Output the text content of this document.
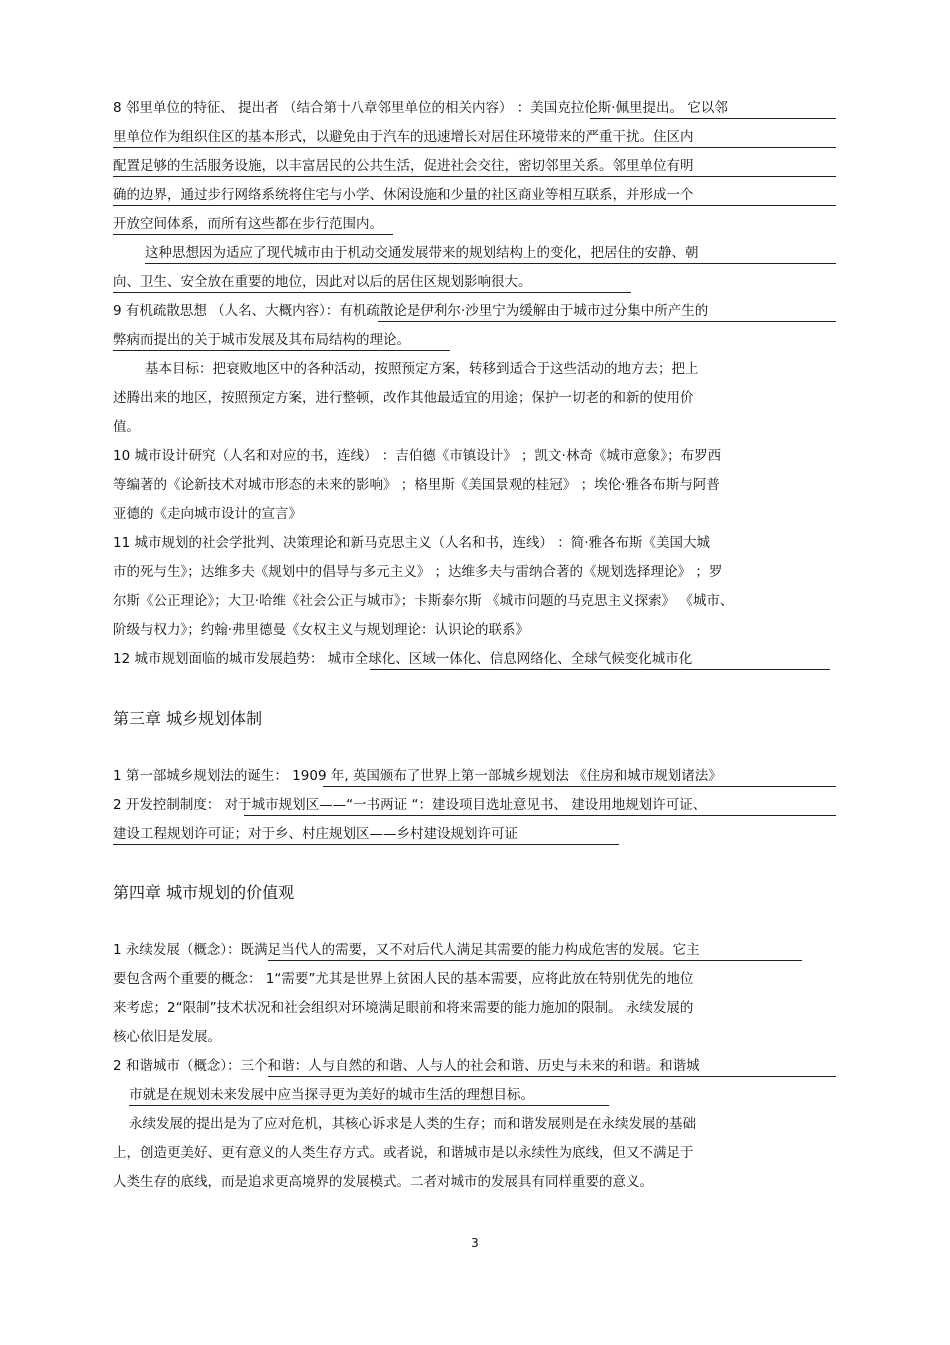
8 邻里单位的特征、 提出者 （结合第十八章邻里单位的相关内容） ：美国克拉伦斯·佩里提出。 它以邻
里单位作为组织住区的基本形式，以避免由于汽车的迅速增长对居住环境带来的严重干扰。住区内
配置足够的生活服务设施，以丰富居民的公共生活，促进社会交往，密切邻里关系。邻里单位有明
确的边界，通过步行网络系统将住宅与小学、休闲设施和少量的社区商业等相互联系，并形成一个
开放空间体系，而所有这些都在步行范围内。
这种思想因为适应了现代城市由于机动交通发展带来的规划结构上的变化，把居住的安静、朝
向、卫生、安全放在重要的地位，因此对以后的居住区规划影响很大。
9 有机疏散思想 （人名、大概内容）：有机疏散论是伊利尔·沙里宁为缓解由于城市过分集中所产生的
弊病而提出的关于城市发展及其布局结构的理论。
基本目标：把衰败地区中的各种活动，按照预定方案，转移到适合于这些活动的地方去；把上
述腾出来的地区，按照预定方案，进行整顿，改作其他最适宜的用途；保护一切老的和新的使用价
值。
10 城市设计研究（人名和对应的书，连线） ：吉伯德《市镇设计》 ；凯文·林奇《城市意象》；布罗西
等编著的《论新技术对城市形态的未来的影响》 ；格里斯《美国景观的桂冠》 ；埃伦·雅各布斯与阿普
亚德的《走向城市设计的宣言》
11 城市规划的社会学批判、决策理论和新马克思主义（人名和书，连线） ：简·雅各布斯《美国大城
市的死与生》；达维多夫《规划中的倡导与多元主义》 ；达维多夫与雷纳合著的《规划选择理论》 ；罗
尔斯《公正理论》；大卫·哈维《社会公正与城市》；卡斯泰尔斯 《城市问题的马克思主义探索》 《城市、
阶级与权力》；约翰·弗里德曼《女权主义与规划理论：认识论的联系》
12 城市规划面临的城市发展趋势： 城市全球化、区域一体化、信息网络化、全球气候变化城市化
第三章 城乡规划体制
1 第一部城乡规划法的诞生： 1909 年, 英国颁布了世界上第一部城乡规划法 《住房和城市规划诸法》
2 开发控制制度： 对于城市规划区——“一书两证 “：建设项目选址意见书、 建设用地规划许可证、
建设工程规划许可证；对于乡、村庄规划区——乡村建设规划许可证
第四章 城市规划的价值观
1 永续发展（概念）：既满足当代人的需要，又不对后代人满足其需要的能力构成危害的发展。它主
要包含两个重要的概念： 1“需要”尤其是世界上贫困人民的基本需要，应将此放在特别优先的地位
来考虑；2“限制”技术状况和社会组织对环境满足眼前和将来需要的能力施加的限制。 永续发展的
核心依旧是发展。
2 和谐城市（概念）：三个和谐：人与自然的和谐、人与人的社会和谐、历史与未来的和谐。和谐城
市就是在规划未来发展中应当探寻更为美好的城市生活的理想目标。
永续发展的提出是为了应对危机，其核心诉求是人类的生存；而和谐发展则是在永续发展的基础
上，创造更美好、更有意义的人类生存方式。或者说，和谐城市是以永续性为底线，但又不满足于
人类生存的底线，而是追求更高境界的发展模式。二者对城市的发展具有同样重要的意义。
3
